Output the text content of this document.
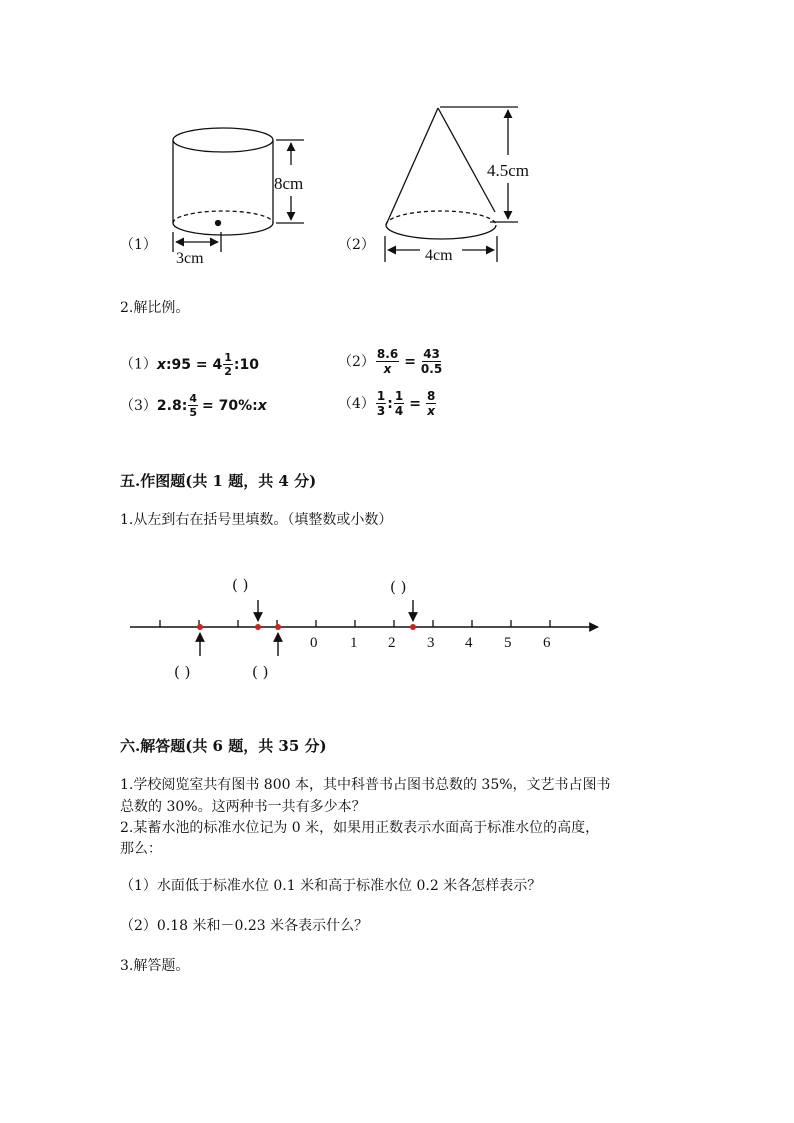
8cm
3cm
4.5cm
4cm
（1）	（2）
2.解比例。
（1）x:95 = $4 \frac{1}{2}$ :10	$(2) \frac{8.6}{x} = \frac{43}{0.5}$
（3）2.8: $\frac{4}{5}$ = 70%:x	$(4) \frac{1}{3}$ : $\frac{1}{4} = \frac{8}{x}$
五.作图题(共 1 题，共 4 分)
1.从左到右在括号里填数。（填整数或小数）
0 1 2 3 4 5 6
( )	( )
( )	( )
六.解答题(共 6 题，共 35 分)
1.学校阅览室共有图书 800 本，其中科普书占图书总数的 35%，文艺书占图书
总数的 30%。这两种书一共有多少本？
2.某蓄水池的标准水位记为 0 米，如果用正数表示水面高于标准水位的高度，
那么：
（1）水面低于标准水位 0.1 米和高于标准水位 0.2 米各怎样表示？
（2）0.18 米和－0.23 米各表示什么？
3.解答题。
